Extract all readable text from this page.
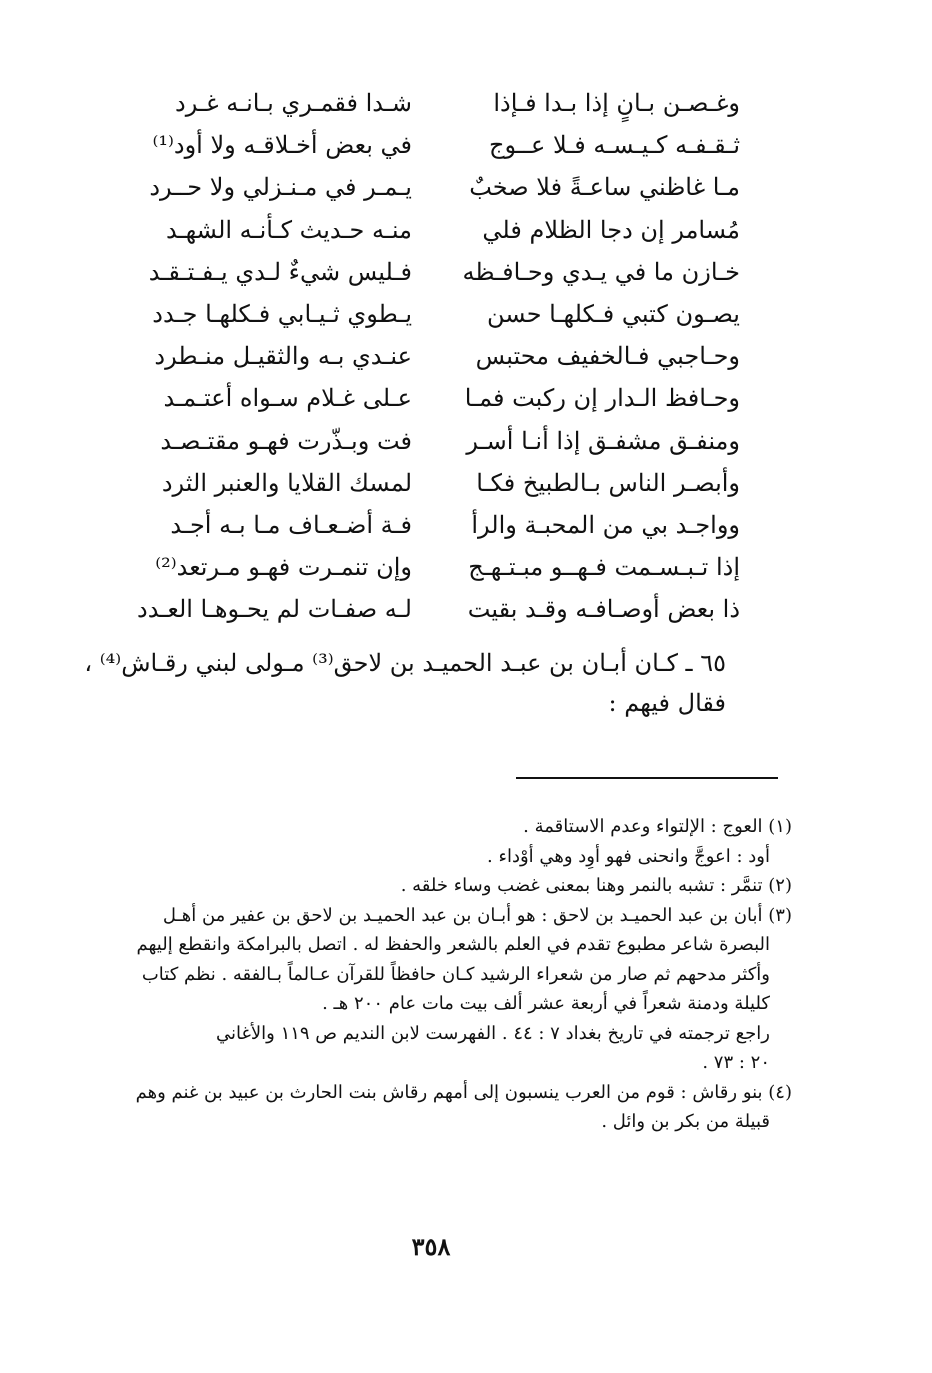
وغـصـن بـانٍ إذا بـدا فـإذا
شـدا فقمـري بـانـه غـرد
ثـقـفـه كـيـسـه فـلا عــوج
في بعض أخـلاقـه ولا أود⁽¹⁾
مـا غاظني ساعـةً فلا صخبٌ
يـمـر في مـنـزلي ولا حــرد
مُسامر إن دجا الظلام فلي
منـه حـديث كـأنـه الشهـد
خـازن ما في يـدي وحـافـظه
فـليس شيءٌ لـدي يـفـتـقـد
يصـون كتبي فـكلهـا حسن
يـطوي ثـيـابي فـكلهـا جـدد
وحـاجبي فـالخفيف محتبس
عنـدي بـه والثقيـل منـطرد
وحـافظ الـدار إن ركبت فمـا
عـلى غـلام سـواه أعتـمـد
ومنفـق مشفـق إذا أنـا أسـر
فت وبـذّرت فهـو مقتـصـد
وأبصـر الناس بـالطبيخ فكـا
لمسك القلايا والعنبر الثرد
وواجـد بي من المحبـة والرأ
فـة أضـعـاف مـا بـه أجـد
إذا تـبـسـمت فـهــو مبـتـهـج
وإن تنمـرت فهـو مـرتعد⁽²⁾
ذا بعض أوصـافـه وقـد بقيت
لـه صفـات لم يحـوهـا العـدد
٦٥ ـ كـان أبـان بن عبـد الحميـد بن لاحق⁽³⁾ مـولى لبني رقـاش⁽⁴⁾ ،
فقال فيهم :
(١) العوج : الإلتواء وعدم الاستاقمة .
أود : اعوجَّ وانحنى فهو أوِد وهي أوْداء .
(٢) تنمَّر : تشبه بالنمر وهنا بمعنى غضب وساء خلقه .
(٣) أبان بن عبد الحميـد بن لاحق : هو أبـان بن عبد الحميـد بن لاحق بن عفير من أهـل
البصرة شاعر مطبوع تقدم في العلم بالشعر والحفظ له . اتصل بالبرامكة وانقطع إليهم
وأكثر مدحهم ثم صار من شعراء الرشيد كـان حافظاً للقرآن عـالماً بـالفقه . نظم كتاب
كليلة ودمنة شعراً في أربعة عشر ألف بيت مات عام ٢٠٠ هـ .
راجع ترجمته في تاريخ بغداد ٧ : ٤٤ . الفهرست لابن النديم ص ١١٩ والأغاني
٢٠ : ٧٣ .
(٤) بنو رقاش : قوم من العرب ينسبون إلى أمهم رقاش بنت الحارث بن عبيد بن غنم وهم
قبيلة من بكر بن وائل .
٣٥٨
